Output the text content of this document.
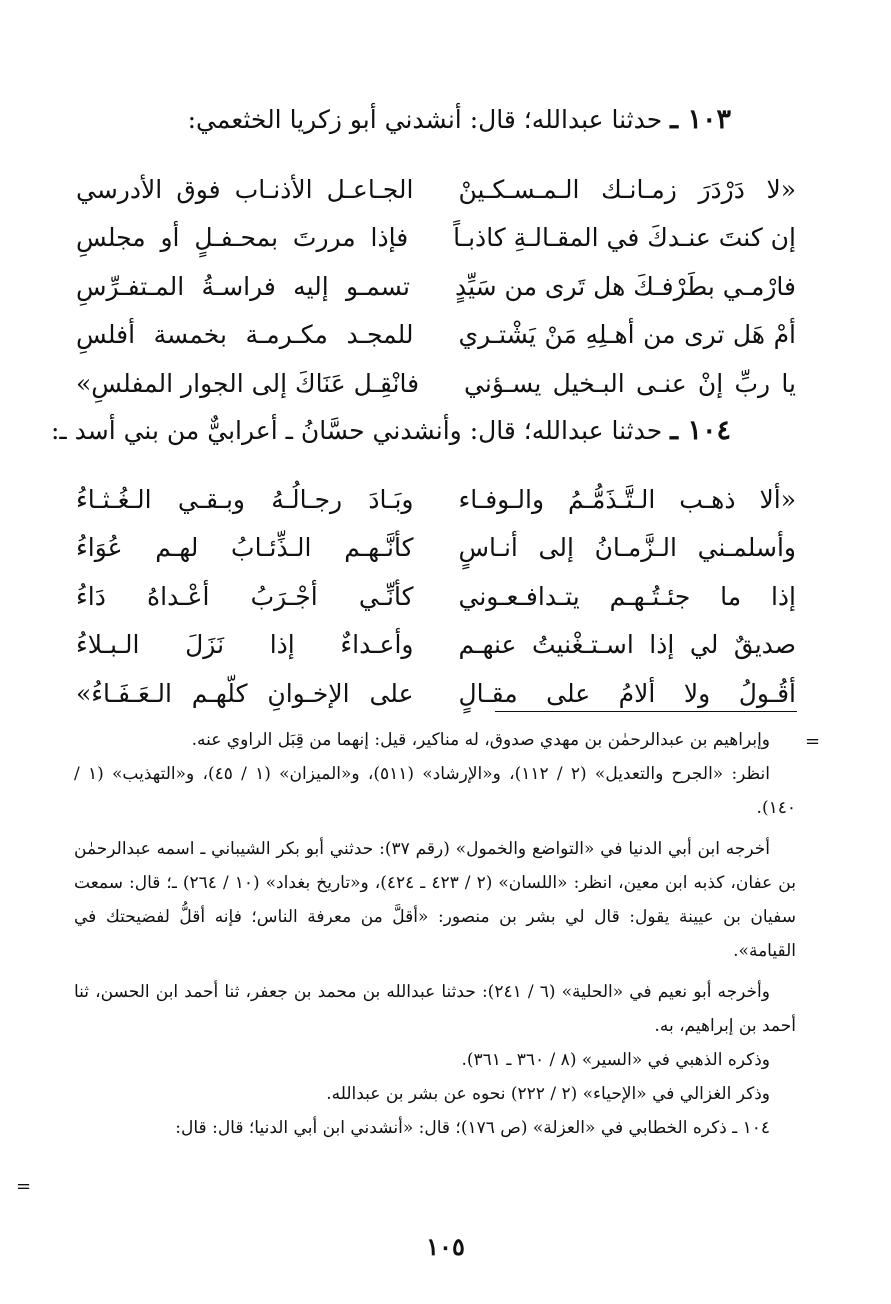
١٠٣ ـ حدثنا عبدالله؛ قال: أنشدني أبو زكريا الخثعمي:
«لا دَرْدَرَ زمـانـك الـمـسـكـينْ
الجـاعـل الأذنـاب فوق الأدرسي
إن كنتَ عنـدكَ في المقـالـةِ كاذبـاً
فإذا مررتَ بمحـفـلٍ أو مجلسِ
فارْمـي بطَرْفـكَ هل تَرى من سَيِّدٍ
تسمـو إليه فراسـةُ المـتفـرِّسِ
أمْ هَل ترى من أهـلِهِ مَنْ يَشْتـري
للمجـد مكـرمـة بخمسة أفلسِ
يا ربِّ إنْ عنـى البـخيل يسـؤني
فانْقِـل عَنَاكَ إلى الجوار المفلسِ»
١٠٤ ـ حدثنا عبدالله؛ قال: وأنشدني حسَّانُ ـ أعرابيٌّ من بني أسد ـ:
«ألا ذهـب الـتَّـذَمُّـمُ والـوفـاء
وبَـادَ رجـالُـهُ وبـقـي الـغُـثـاءُ
وأسلمـني الـزَّمـانُ إلى أنـاسٍ
كأنَّـهـم الـذِّئـابُ لهـم عُوَاءُ
إذا ما جئـتُـهـم يتـدافـعـوني
كأنِّـي أجْـرَبُ أعْـداهُ دَاءُ
صديقٌ لي إذا اسـتـغْنيتُ عنهـم
وأعـداءٌ إذا نَزَلَ الـبـلاءُ
أقُـولُ ولا ألامُ على مقـالٍ
على الإخـوانِ كلّهـم الـعَـفَـاءُ»
=

وإبراهيم بن عبدالرحمٰن بن مهدي صدوق، له مناكير، قيل: إنهما من قِبَل الراوي عنه.

انظر: «الجرح والتعديل» (٢ / ١١٢)، و«الإرشاد» (٥١١)، و«الميزان» (١ / ٤٥)، و«التهذيب» (١ / ١٤٠).

أخرجه ابن أبي الدنيا في «التواضع والخمول» (رقم ٣٧): حدثني أبو بكر الشيباني ـ اسمه عبدالرحمٰن بن عفان، كذبه ابن معين، انظر: «اللسان» (٢ / ٤٢٣ ـ ٤٢٤)، و«تاريخ بغداد» (١٠ / ٢٦٤) ـ؛ قال: سمعت سفيان بن عيينة يقول: قال لي بشر بن منصور: «أقلَّ من معرفة الناس؛ فإنه أقلُّ لفضيحتك في القيامة».

وأخرجه أبو نعيم في «الحلية» (٦ / ٢٤١): حدثنا عبدالله بن محمد بن جعفر، ثنا أحمد ابن الحسن، ثنا أحمد بن إبراهيم، به.

وذكره الذهبي في «السير» (٨ / ٣٦٠ ـ ٣٦١).

وذكر الغزالي في «الإحياء» (٢ / ٢٢٢) نحوه عن بشر بن عبدالله.

١٠٤ ـ ذكره الخطابي في «العزلة» (ص ١٧٦)؛ قال: «أنشدني ابن أبي الدنيا؛ قال: قال:

=
١٠٥
